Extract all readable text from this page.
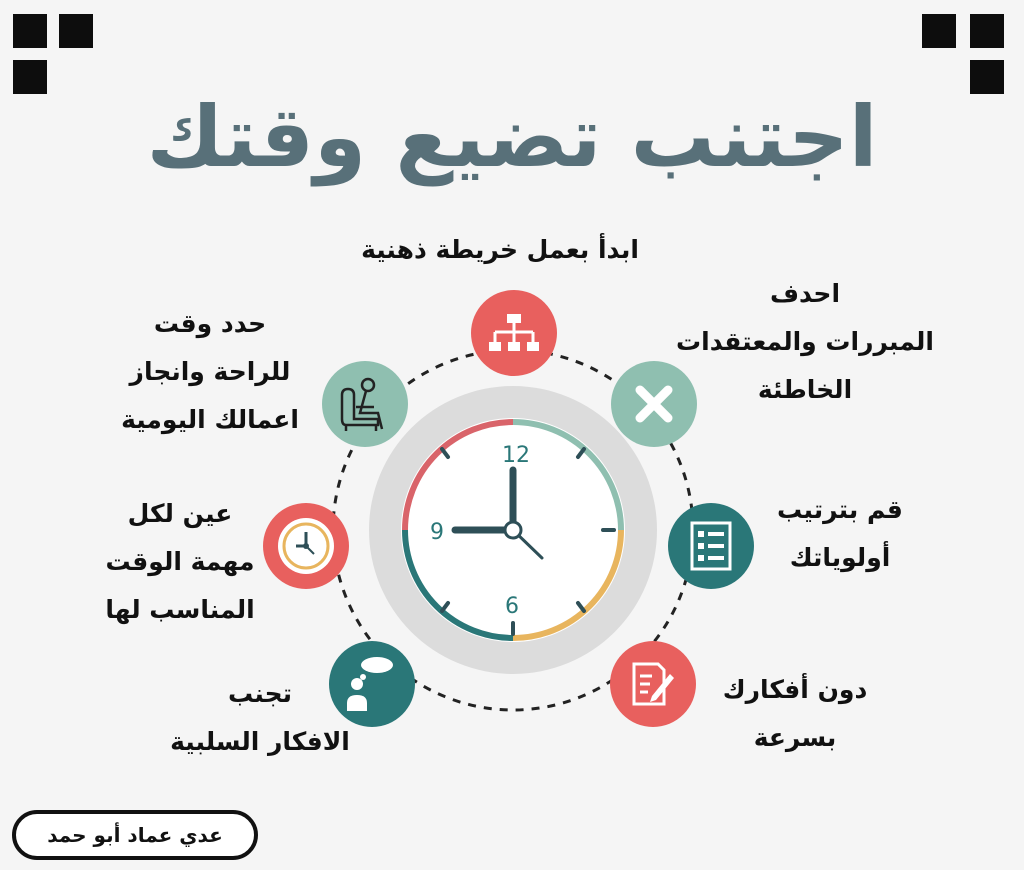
اجتنب تضيع وقتك
12
9
6
ابدأ بعمل خريطة ذهنية
احدف
المبررات والمعتقدات
الخاطئة
قم بترتيب
أولوياتك
دون أفكارك
بسرعة
تجنب
الافكار السلبية
عين لكل
مهمة الوقت
المناسب لها
حدد وقت
للراحة وانجاز
اعمالك اليومية
عدي عماد أبو حمد
